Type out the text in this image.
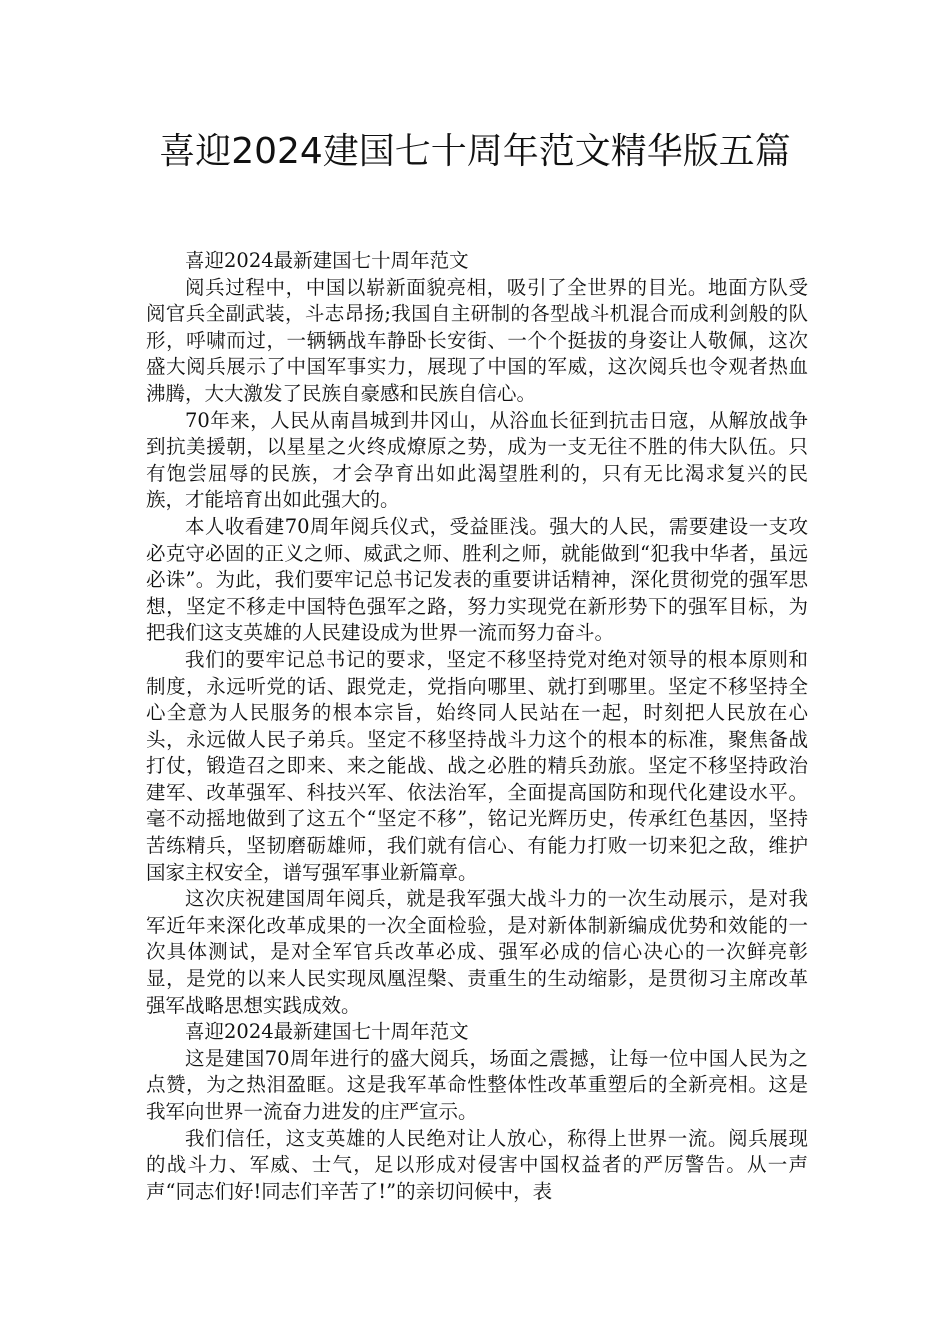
喜迎2024建国七十周年范文精华版五篇

喜迎2024最新建国七十周年范文

阅兵过程中，中国以崭新面貌亮相，吸引了全世界的目光。地面方队受阅官兵全副武装，斗志昂扬;我国自主研制的各型战斗机混合而成利剑般的队形，呼啸而过，一辆辆战车静卧长安街、一个个挺拔的身姿让人敬佩，这次盛大阅兵展示了中国军事实力，展现了中国的军威，这次阅兵也令观者热血沸腾，大大激发了民族自豪感和民族自信心。

70年来，人民从南昌城到井冈山，从浴血长征到抗击日寇，从解放战争到抗美援朝，以星星之火终成燎原之势，成为一支无往不胜的伟大队伍。只有饱尝屈辱的民族，才会孕育出如此渴望胜利的，只有无比渴求复兴的民族，才能培育出如此强大的。

本人收看建70周年阅兵仪式，受益匪浅。强大的人民，需要建设一支攻必克守必固的正义之师、威武之师、胜利之师，就能做到“犯我中华者，虽远必诛”。为此，我们要牢记总书记发表的重要讲话精神，深化贯彻党的强军思想，坚定不移走中国特色强军之路，努力实现党在新形势下的强军目标，为把我们这支英雄的人民建设成为世界一流而努力奋斗。

我们的要牢记总书记的要求，坚定不移坚持党对绝对领导的根本原则和制度，永远听党的话、跟党走，党指向哪里、就打到哪里。坚定不移坚持全心全意为人民服务的根本宗旨，始终同人民站在一起，时刻把人民放在心头，永远做人民子弟兵。坚定不移坚持战斗力这个的根本的标准，聚焦备战打仗，锻造召之即来、来之能战、战之必胜的精兵劲旅。坚定不移坚持政治建军、改革强军、科技兴军、依法治军，全面提高国防和现代化建设水平。毫不动摇地做到了这五个“坚定不移”，铭记光辉历史，传承红色基因，坚持苦练精兵，坚韧磨砺雄师，我们就有信心、有能力打败一切来犯之敌，维护国家主权安全，谱写强军事业新篇章。

这次庆祝建国周年阅兵，就是我军强大战斗力的一次生动展示，是对我军近年来深化改革成果的一次全面检验，是对新体制新编成优势和效能的一次具体测试，是对全军官兵改革必成、强军必成的信心决心的一次鲜亮彰显，是党的以来人民实现凤凰涅槃、责重生的生动缩影，是贯彻习主席改革强军战略思想实践成效。

喜迎2024最新建国七十周年范文

这是建国70周年进行的盛大阅兵，场面之震撼，让每一位中国人民为之点赞，为之热泪盈眶。这是我军革命性整体性改革重塑后的全新亮相。这是我军向世界一流奋力进发的庄严宣示。

我们信任，这支英雄的人民绝对让人放心，称得上世界一流。阅兵展现的战斗力、军威、士气，足以形成对侵害中国权益者的严厉警告。从一声声“同志们好!同志们辛苦了!”的亲切问候中，表
